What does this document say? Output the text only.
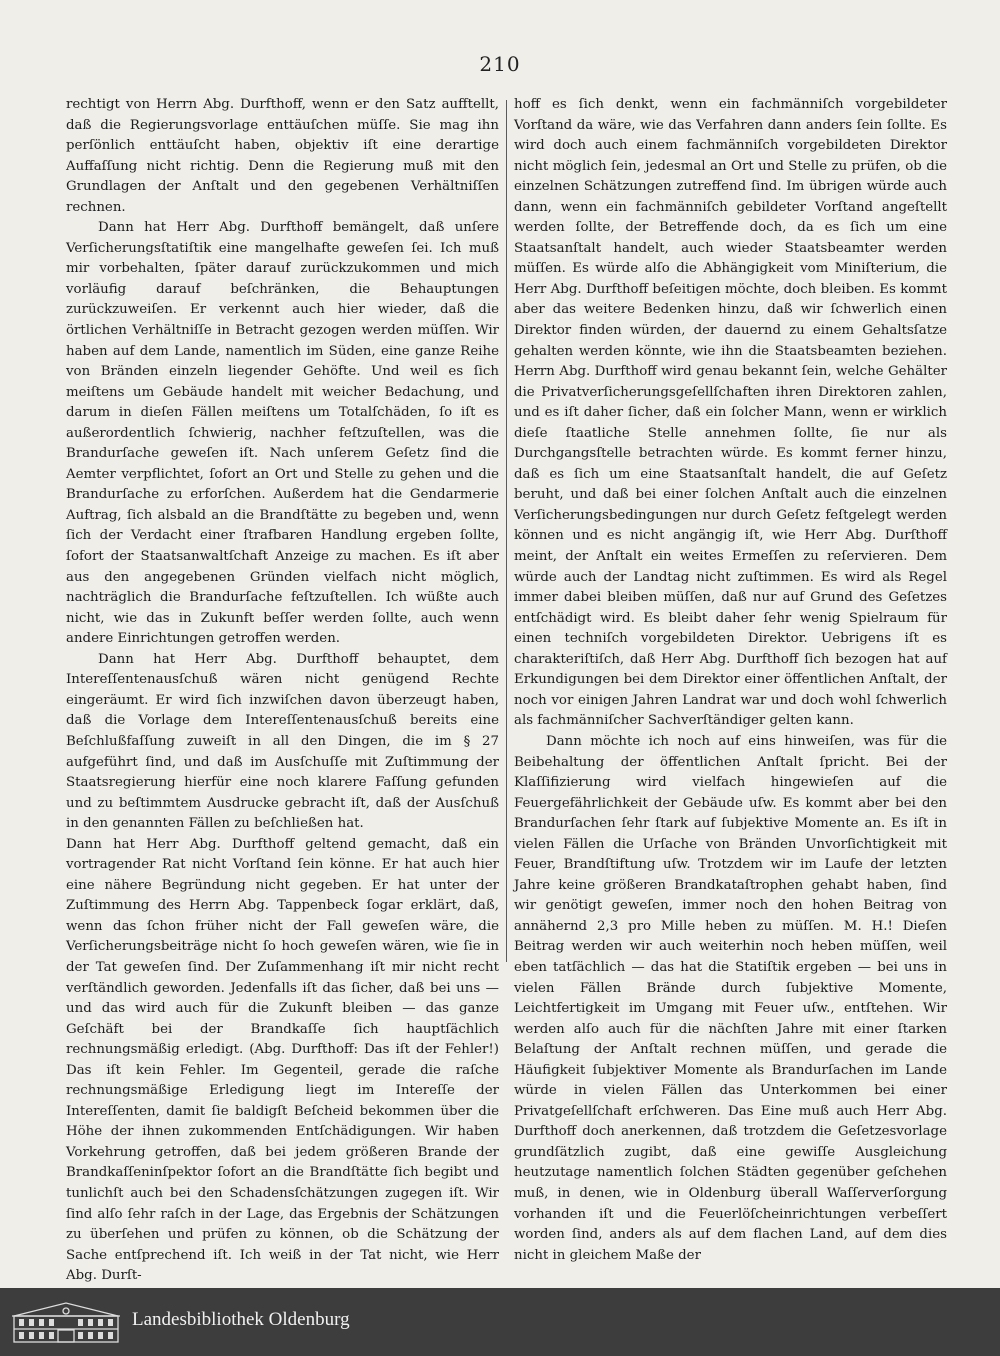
210

rechtigt von Herrn Abg. Durfthoff, wenn er den Satz aufftellt, daß die Regierungsvorlage enttäuſchen müſſe. Sie mag ihn perſönlich enttäuſcht haben, objektiv iſt eine derartige Auffaſſung nicht richtig. Denn die Regierung muß mit den Grundlagen der Anſtalt und den gegebenen Verhältniſſen rechnen.

Dann hat Herr Abg. Durfthoff bemängelt, daß unſere Verſicherungsſtatiſtik eine mangelhafte geweſen ſei. Ich muß mir vorbehalten, ſpäter darauf zurückzukommen und mich vorläufig darauf beſchränken, die Behauptungen zurückzuweiſen. Er verkennt auch hier wieder, daß die örtlichen Verhältniſſe in Betracht gezogen werden müſſen. Wir haben auf dem Lande, namentlich im Süden, eine ganze Reihe von Bränden einzeln liegender Gehöfte. Und weil es ſich meiſtens um Gebäude handelt mit weicher Bedachung, und darum in dieſen Fällen meiſtens um Totalſchäden, ſo iſt es außerordentlich ſchwierig, nachher feſtzuſtellen, was die Brandurſache geweſen iſt. Nach unſerem Geſetz ſind die Aemter verpflichtet, ſofort an Ort und Stelle zu gehen und die Brandurſache zu erforſchen. Außerdem hat die Gendarmerie Auftrag, ſich alsbald an die Brandſtätte zu begeben und, wenn ſich der Verdacht einer ſtrafbaren Handlung ergeben ſollte, ſofort der Staatsanwaltſchaft Anzeige zu machen. Es iſt aber aus den angegebenen Gründen vielfach nicht möglich, nachträglich die Brandurſache feſtzuſtellen. Ich wüßte auch nicht, wie das in Zukunft beſſer werden ſollte, auch wenn andere Einrichtungen getroffen werden.

Dann hat Herr Abg. Durfthoff behauptet, dem Intereſſentenausſchuß wären nicht genügend Rechte eingeräumt. Er wird ſich inzwiſchen davon überzeugt haben, daß die Vorlage dem Intereſſentenausſchuß bereits eine Beſchlußfaſſung zuweiſt in all den Dingen, die im § 27 aufgeführt ſind, und daß im Ausſchuſſe mit Zuſtimmung der Staatsregierung hierfür eine noch klarere Faſſung gefunden und zu beſtimmtem Ausdrucke gebracht iſt, daß der Ausſchuß in den genannten Fällen zu beſchließen hat.

Dann hat Herr Abg. Durfthoff geltend gemacht, daß ein vortragender Rat nicht Vorſtand ſein könne. Er hat auch hier eine nähere Begründung nicht gegeben. Er hat unter der Zuſtimmung des Herrn Abg. Tappenbeck ſogar erklärt, daß, wenn das ſchon früher nicht der Fall geweſen wäre, die Verſicherungsbeiträge nicht ſo hoch geweſen wären, wie ſie in der Tat geweſen ſind. Der Zuſammenhang iſt mir nicht recht verſtändlich geworden. Jedenfalls iſt das ſicher, daß bei uns — und das wird auch für die Zukunft bleiben — das ganze Geſchäft bei der Brandkaſſe ſich hauptſächlich rechnungsmäßig erledigt. (Abg. Durfthoff: Das iſt der Fehler!) Das iſt kein Fehler. Im Gegenteil, gerade die raſche rechnungsmäßige Erledigung liegt im Intereſſe der Intereſſenten, damit ſie baldigſt Beſcheid bekommen über die Höhe der ihnen zukommenden Entſchädigungen. Wir haben Vorkehrung getroffen, daß bei jedem größeren Brande der Brandkaſſeninſpektor ſofort an die Brandſtätte ſich begibt und tunlichſt auch bei den Schadensſchätzungen zugegen iſt. Wir ſind alſo ſehr raſch in der Lage, das Ergebnis der Schätzungen zu überſehen und prüfen zu können, ob die Schätzung der Sache entſprechend iſt. Ich weiß in der Tat nicht, wie Herr Abg. Durſt-

hoff es ſich denkt, wenn ein fachmänniſch vorgebildeter Vorſtand da wäre, wie das Verfahren dann anders ſein ſollte. Es wird doch auch einem fachmänniſch vorgebildeten Direktor nicht möglich ſein, jedesmal an Ort und Stelle zu prüfen, ob die einzelnen Schätzungen zutreffend ſind. Im übrigen würde auch dann, wenn ein fachmänniſch gebildeter Vorſtand angeſtellt werden ſollte, der Betreffende doch, da es ſich um eine Staatsanſtalt handelt, auch wieder Staatsbeamter werden müſſen. Es würde alſo die Abhängigkeit vom Miniſterium, die Herr Abg. Durfthoff beſeitigen möchte, doch bleiben. Es kommt aber das weitere Bedenken hinzu, daß wir ſchwerlich einen Direktor finden würden, der dauernd zu einem Gehaltsſatze gehalten werden könnte, wie ihn die Staatsbeamten beziehen. Herrn Abg. Durfthoff wird genau bekannt ſein, welche Gehälter die Privatverſicherungsgeſellſchaften ihren Direktoren zahlen, und es iſt daher ſicher, daß ein ſolcher Mann, wenn er wirklich dieſe ſtaatliche Stelle annehmen ſollte, ſie nur als Durchgangsſtelle betrachten würde. Es kommt ferner hinzu, daß es ſich um eine Staatsanſtalt handelt, die auf Geſetz beruht, und daß bei einer ſolchen Anſtalt auch die einzelnen Verſicherungsbedingungen nur durch Geſetz feſtgelegt werden können und es nicht angängig iſt, wie Herr Abg. Durſthoff meint, der Anſtalt ein weites Ermeſſen zu reſervieren. Dem würde auch der Landtag nicht zuſtimmen. Es wird als Regel immer dabei bleiben müſſen, daß nur auf Grund des Geſetzes entſchädigt wird. Es bleibt daher ſehr wenig Spielraum für einen techniſch vorgebildeten Direktor. Uebrigens iſt es charakteriſtiſch, daß Herr Abg. Durfthoff ſich bezogen hat auf Erkundigungen bei dem Direktor einer öffentlichen Anſtalt, der noch vor einigen Jahren Landrat war und doch wohl ſchwerlich als fachmänniſcher Sachverſtändiger gelten kann.

Dann möchte ich noch auf eins hinweiſen, was für die Beibehaltung der öffentlichen Anſtalt ſpricht. Bei der Klaſſifizierung wird vielfach hingewieſen auf die Feuergefährlichkeit der Gebäude uſw. Es kommt aber bei den Brandurſachen ſehr ſtark auf ſubjektive Momente an. Es iſt in vielen Fällen die Urſache von Bränden Unvorſichtigkeit mit Feuer, Brandſtiftung uſw. Trotzdem wir im Laufe der letzten Jahre keine größeren Brandkataſtrophen gehabt haben, ſind wir genötigt geweſen, immer noch den hohen Beitrag von annähernd 2,3 pro Mille heben zu müſſen. M. H.! Dieſen Beitrag werden wir auch weiterhin noch heben müſſen, weil eben tatſächlich — das hat die Statiſtik ergeben — bei uns in vielen Fällen Brände durch ſubjektive Momente, Leichtfertigkeit im Umgang mit Feuer uſw., entſtehen. Wir werden alſo auch für die nächſten Jahre mit einer ſtarken Belaſtung der Anſtalt rechnen müſſen, und gerade die Häufigkeit ſubjektiver Momente als Brandurſachen im Lande würde in vielen Fällen das Unterkommen bei einer Privatgeſellſchaft erſchweren. Das Eine muß auch Herr Abg. Durfthoff doch anerkennen, daß trotzdem die Geſetzesvorlage grundſätzlich zugibt, daß eine gewiſſe Ausgleichung heutzutage namentlich ſolchen Städten gegenüber geſchehen muß, in denen, wie in Oldenburg überall Waſſerverſorgung vorhanden iſt und die Feuerlöſcheinrichtungen verbeſſert worden ſind, anders als auf dem flachen Land, auf dem dies nicht in gleichem Maße der

Landesbibliothek Oldenburg
